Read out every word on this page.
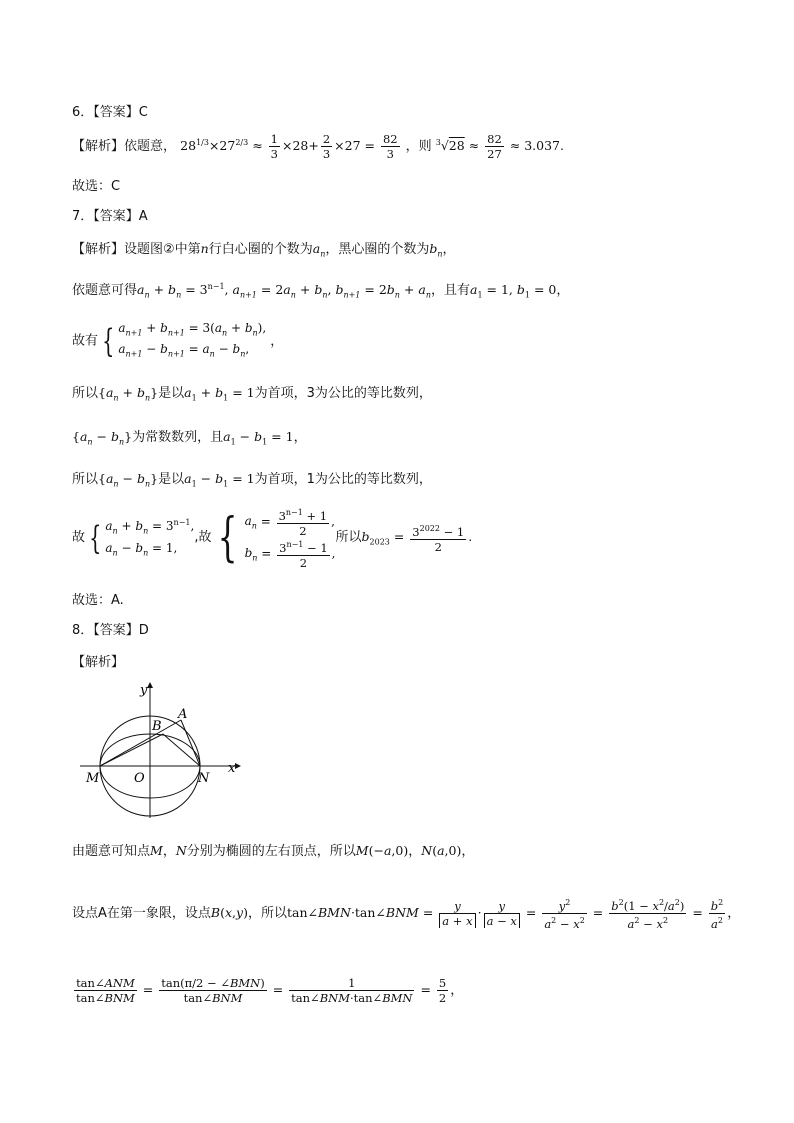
6．【答案】C
【解析】依题意， $28^{1/3}\times 27^{2/3} \approx \frac{1}{3} \times 28+ \frac{2}{3} \times 27 = \frac{82}{3}$ ，则 $^3√28 \approx \frac{82}{27} \approx 3.037$.
故选：C
7．【答案】A
【解析】设题图②中第n行白心圈的个数为$a_n$，黑心圈的个数为$b_n$，
依题意可得$a_n + b_n = 3^{n-1}$, $a_{n+1} = 2a_n + b_n$, $b_{n+1} = 2b_n + a_n$，且有$a_1 = 1$, $b_1 = 0$，
故有 { $a_{n+1} + b_{n+1} = 3(a_n + b_n)$,
$a_{n+1} - b_{n+1} = a_n - b_n$,
，
所以$\{a_n + b_n\}$是以$a_1 + b_1 = 1$为首项，3为公比的等比数列，
$\{a_n - b_n\}$为常数数列，且$a_1 - b_1 = 1$，
所以$\{a_n - b_n\}$是以$a_1 - b_1 = 1$为首项，1为公比的等比数列，
故 { $a_n + b_n = 3^{n-1}$,
$a_n - b_n = 1$,
,故 { $a_n = \frac{3^{n-1} + 1}{2}$ ,
$b_n = \frac{3^{n-1} - 1}{2}$ ,
所以$b_{2023} = \frac{3^{2022} - 1}{2}$ .
故选：A.
8．【答案】D
【解析】
y
x
O
M	N
A
B
由题意可知点M，N分别为椭圆的左右顶点，所以M(−a,0)，N(a,0)，
设点A在第一象限，设点B(x,y)，所以tan∠BMN·tan∠BNM = $\frac{y}{a + x} \cdot \frac{y}{a - x} = \frac{y^2}{a^2 - x^2} = \frac{b^2(1 - x^2/a^2)}{a^2 - x^2} = \frac{b^2}{a^2}$ ，
$\frac{\text{tan∠ANM}}{\text{tan∠BNM}} = \frac{\text{tan(π/2 − ∠BMN)}}{\text{tan∠BNM}} = \frac{1}{\text{tan∠BNM·tan∠BMN}} = \frac{5}{2}$ ，
